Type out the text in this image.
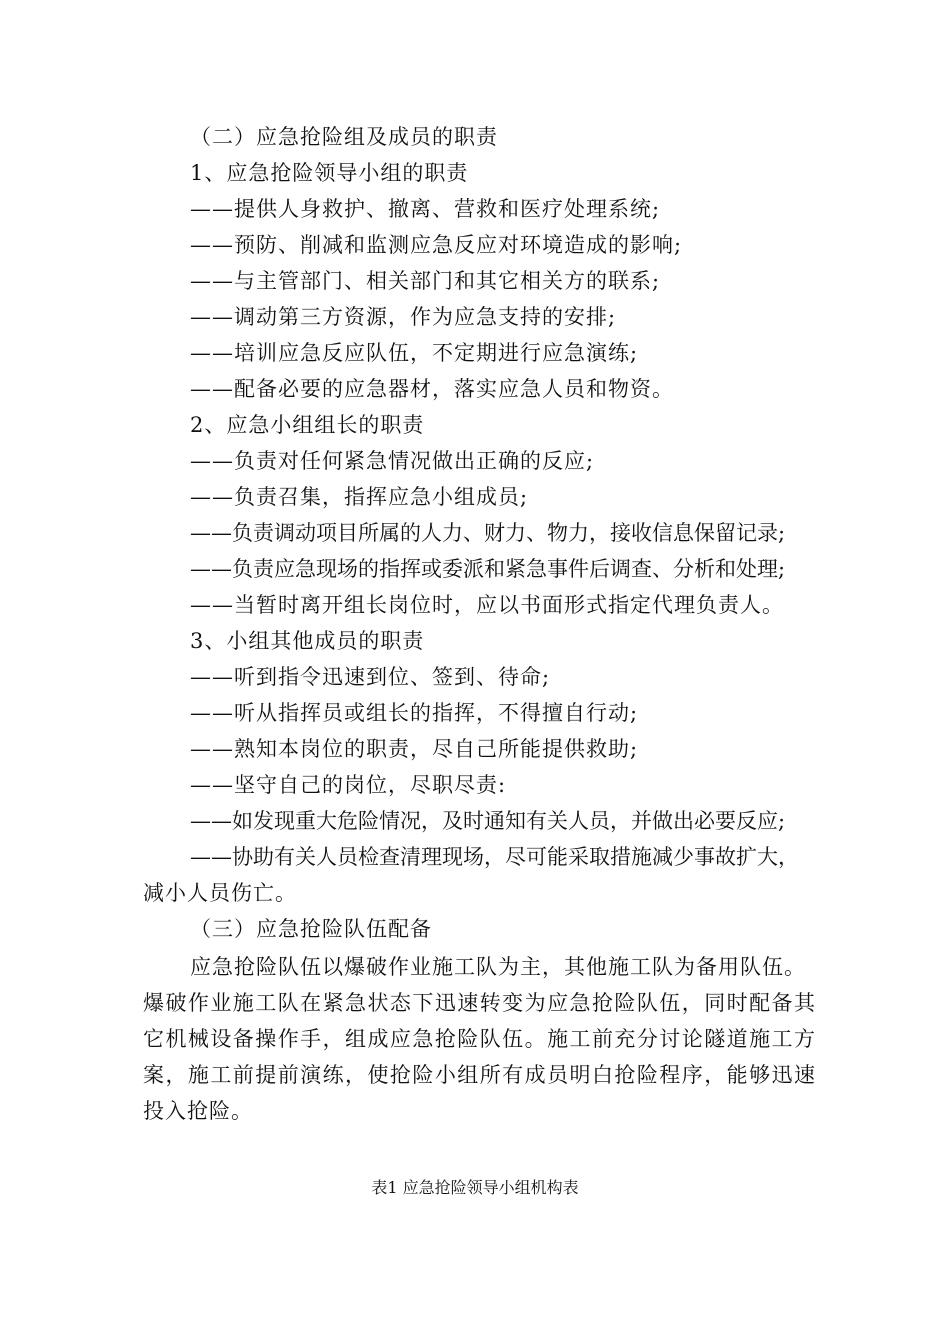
（二）应急抢险组及成员的职责
1、应急抢险领导小组的职责
——提供人身救护、撤离、营救和医疗处理系统;
——预防、削减和监测应急反应对环境造成的影响;
——与主管部门、相关部门和其它相关方的联系;
——调动第三方资源，作为应急支持的安排;
——培训应急反应队伍，不定期进行应急演练;
——配备必要的应急器材，落实应急人员和物资。
2、应急小组组长的职责
——负责对任何紧急情况做出正确的反应;
——负责召集，指挥应急小组成员;
——负责调动项目所属的人力、财力、物力，接收信息保留记录;
——负责应急现场的指挥或委派和紧急事件后调查、分析和处理;
——当暂时离开组长岗位时，应以书面形式指定代理负责人。
3、小组其他成员的职责
——听到指令迅速到位、签到、待命;
——听从指挥员或组长的指挥，不得擅自行动;
——熟知本岗位的职责，尽自己所能提供救助;
——坚守自己的岗位，尽职尽责:
——如发现重大危险情况，及时通知有关人员，并做出必要反应;
——协助有关人员检查清理现场，尽可能采取措施减少事故扩大，
减小人员伤亡。
（三）应急抢险队伍配备
应急抢险队伍以爆破作业施工队为主，其他施工队为备用队伍。
爆破作业施工队在紧急状态下迅速转变为应急抢险队伍，同时配备其
它机械设备操作手，组成应急抢险队伍。施工前充分讨论隧道施工方
案，施工前提前演练，使抢险小组所有成员明白抢险程序，能够迅速
投入抢险。
表1 应急抢险领导小组机构表
